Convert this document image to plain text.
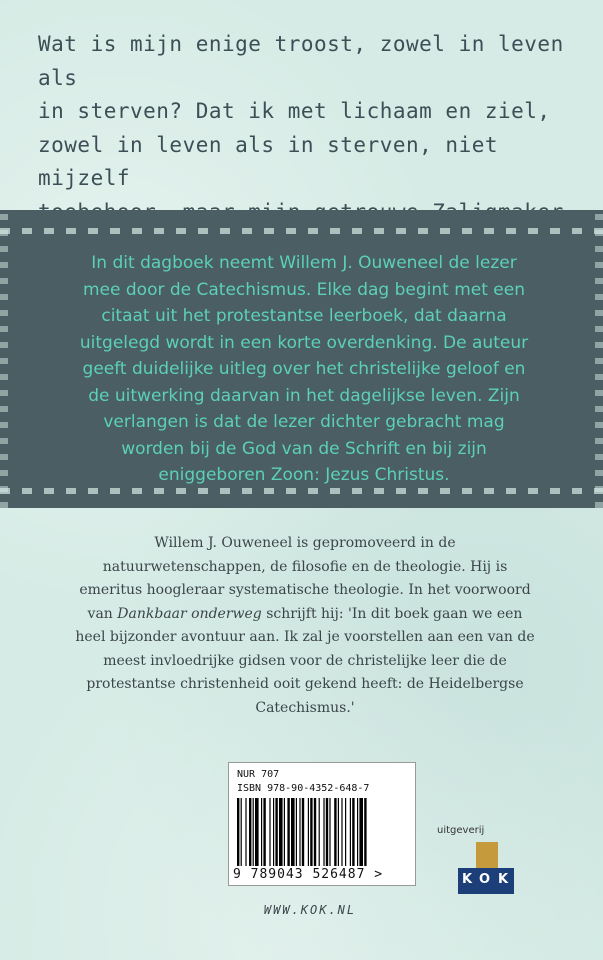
Wat is mijn enige troost, zowel in leven als
in sterven? Dat ik met lichaam en ziel,
zowel in leven als in sterven, niet mijzelf
In dit dagboek neemt Willem J. Ouweneel de lezer
mee door de Catechismus. Elke dag begint met een
citaat uit het protestantse leerboek, dat daarna
uitgelegd wordt in een korte overdenking. De auteur
geeft duidelijke uitleg over het christelijke geloof en
de uitwerking daarvan in het dagelijkse leven. Zijn
verlangen is dat de lezer dichter gebracht mag
worden bij de God van de Schrift en bij zijn
eniggeboren Zoon: Jezus Christus.
Willem J. Ouweneel is gepromoveerd in de
natuurwetenschappen, de filosofie en de theologie. Hij is
emeritus hoogleraar systematische theologie. In het voorwoord
van Dankbaar onderweg schrijft hij: 'In dit boek gaan we een
heel bijzonder avontuur aan. Ik zal je voorstellen aan een van de
meest invloedrijke gidsen voor de christelijke leer die de
protestantse christenheid ooit gekend heeft: de Heidelbergse
Catechismus.'
NUR 707
ISBN 978-90-4352-648-7
9 789043 526487 >
WWW.KOK.NL
uitgeverij
K O K
